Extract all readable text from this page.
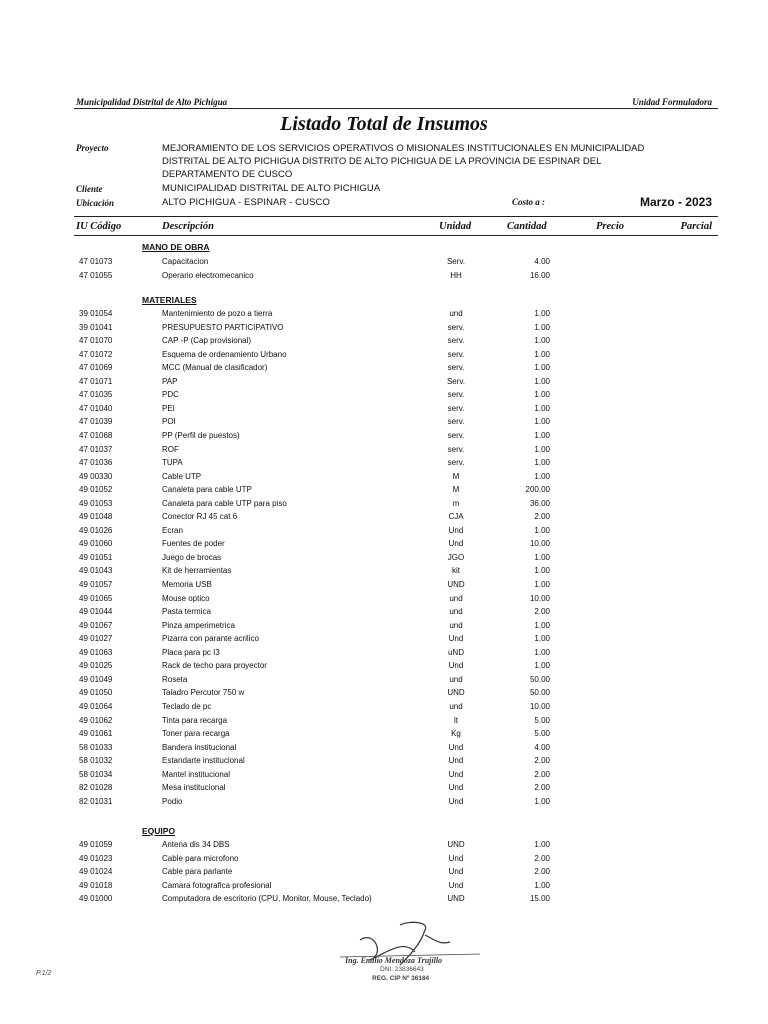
Municipalidad Distrital de Alto Pichigua	Unidad Formuladora
Listado Total de Insumos
Proyecto	MEJORAMIENTO DE LOS SERVICIOS OPERATIVOS O MISIONALES INSTITUCIONALES EN MUNICIPALIDAD
DISTRITAL DE ALTO PICHIGUA DISTRITO DE ALTO PICHIGUA DE LA PROVINCIA DE ESPINAR DEL
DEPARTAMENTO DE CUSCO
Cliente	MUNICIPALIDAD DISTRITAL DE ALTO PICHIGUA
Ubicación	ALTO PICHIGUA - ESPINAR - CUSCO	Costo a :	Marzo - 2023
IU Código	Descripción	Unidad	Cantidad	Precio	Parcial
MANO DE OBRA
47 01073	Capacitacion	Serv.	4.00
47 01055	Operario electromecanico	HH	16.00
MATERIALES
39 01054	Mantenimiento de pozo a tierra	und	1.00
39 01041	PRESUPUESTO PARTICIPATIVO	serv.	1.00
47 01070	CAP -P (Cap provisional)	serv.	1.00
47 01072	Esquema de ordenamiento Urbano	serv.	1.00
47 01069	MCC (Manual de clasificador)	serv.	1.00
47 01071	PAP	Serv.	1.00
47 01035	PDC	serv.	1.00
47 01040	PEI	serv.	1.00
47 01039	POI	serv.	1.00
47 01068	PP (Perfil de puestos)	serv.	1.00
47 01037	ROF	serv.	1.00
47 01036	TUPA	serv.	1.00
49 00330	Cable UTP	M	1.00
49 01052	Canaleta para cable UTP	M	200.00
49 01053	Canaleta para cable UTP para piso	m	36.00
49 01048	Conector RJ 45 cat 6	CJA	2.00
49 01026	Ecran	Und	1.00
49 01060	Fuentes de poder	Und	10.00
49 01051	Juego de brocas	JGO	1.00
49 01043	Kit de herramientas	kit	1.00
49 01057	Memoria USB	UND	1.00
49 01065	Mouse optico	und	10.00
49 01044	Pasta termica	und	2.00
49 01067	Pinza amperimetrica	und	1.00
49 01027	Pizarra con parante acrilico	Und	1.00
49 01063	Placa para pc I3	uND	1.00
49 01025	Rack de techo para proyector	Und	1.00
49 01049	Roseta	und	50.00
49 01050	Taladro Percutor 750 w	UND	50.00
49 01064	Teclado de pc	und	10.00
49 01062	Tinta para recarga	lt	5.00
49 01061	Toner para recarga	Kg	5.00
58 01033	Bandera institucional	Und	4.00
58 01032	Estandarte institucional	Und	2.00
58 01034	Mantel institucional	Und	2.00
82 01028	Mesa institucional	Und	2.00
82 01031	Podio	Und	1.00
EQUIPO
49 01059	Antena dis 34 DBS	UND	1.00
49 01023	Cable para microfono	Und	2.00
49 01024	Cable para parlante	Und	2.00
49 01018	Camara fotografica profesional	Und	1.00
49 01000	Computadora de escritorio (CPU, Monitor, Mouse, Teclado)	UND	15.00
Ing. Emilio Mendoza Trujillo
DNI: 23836643
REG. CIP Nº 36184
P.1/2
